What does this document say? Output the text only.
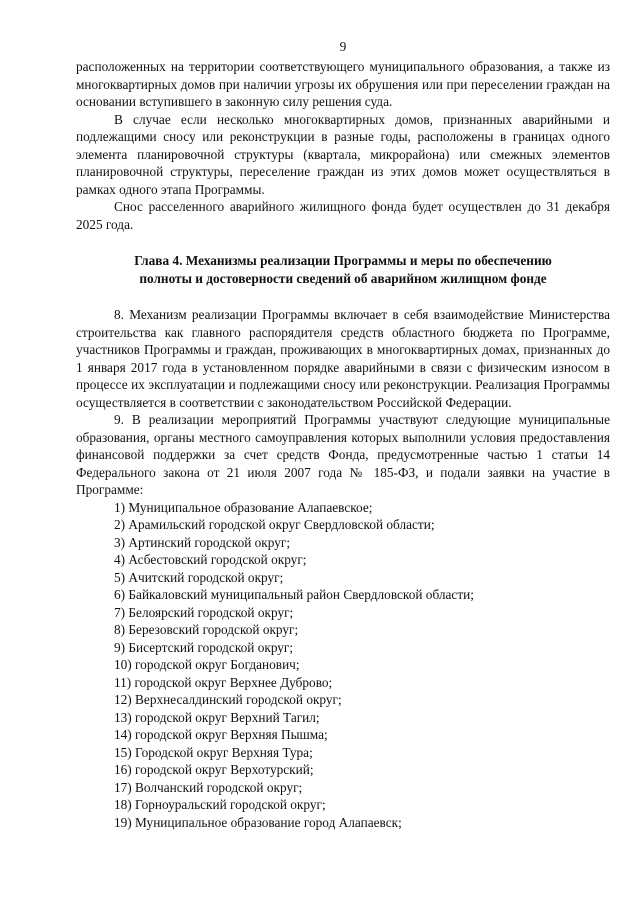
9

расположенных на территории соответствующего муниципального образования, а также из многоквартирных домов при наличии угрозы их обрушения или при переселении граждан на основании вступившего в законную силу решения суда.

В случае если несколько многоквартирных домов, признанных аварийными и подлежащими сносу или реконструкции в разные годы, расположены в границах одного элемента планировочной структуры (квартала, микрорайона) или смежных элементов планировочной структуры, переселение граждан из этих домов может осуществляться в рамках одного этапа Программы.

Снос расселенного аварийного жилищного фонда будет осуществлен до 31 декабря 2025 года.

Глава 4. Механизмы реализации Программы и меры по обеспечению
полноты и достоверности сведений об аварийном жилищном фонде

8. Механизм реализации Программы включает в себя взаимодействие Министерства строительства как главного распорядителя средств областного бюджета по Программе, участников Программы и граждан, проживающих в многоквартирных домах, признанных до 1 января 2017 года в установленном порядке аварийными в связи с физическим износом в процессе их эксплуатации и подлежащими сносу или реконструкции. Реализация Программы осуществляется в соответствии с законодательством Российской Федерации.

9. В реализации мероприятий Программы участвуют следующие муниципальные образования, органы местного самоуправления которых выполнили условия предоставления финансовой поддержки за счет средств Фонда, предусмотренные частью 1 статьи 14 Федерального закона от 21 июля 2007 года № 185-ФЗ, и подали заявки на участие в Программе:

1) Муниципальное образование Алапаевское;
2) Арамильский городской округ Свердловской области;
3) Артинский городской округ;
4) Асбестовский городской округ;
5) Ачитский городской округ;
6) Байкаловский муниципальный район Свердловской области;
7) Белоярский городской округ;
8) Березовский городской округ;
9) Бисертский городской округ;
10) городской округ Богданович;
11) городской округ Верхнее Дуброво;
12) Верхнесалдинский городской округ;
13) городской округ Верхний Тагил;
14) городской округ Верхняя Пышма;
15) Городской округ Верхняя Тура;
16) городской округ Верхотурский;
17) Волчанский городской округ;
18) Горноуральский городской округ;
19) Муниципальное образование город Алапаевск;
